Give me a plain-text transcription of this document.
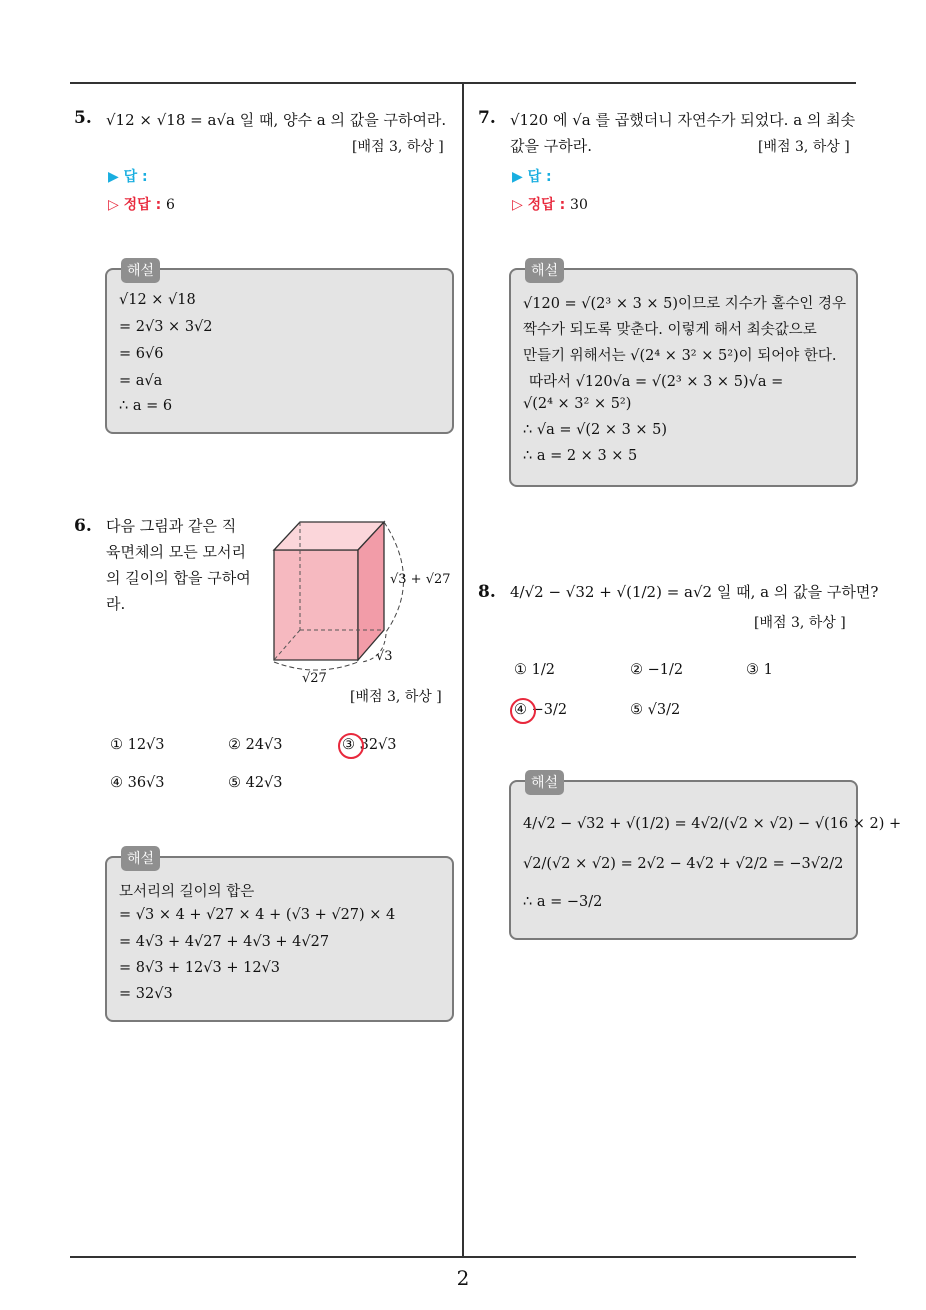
2
5. √12 × √18 = a√a 일 때, 양수 a 의 값을 구하여라.
[배점 3, 하상 ]
▶ 답 :
▷ 정답 : 6
해설
√12 × √18
= 2√3 × 3√2
= 6√6
= a√a
∴ a = 6
6. 다음 그림과 같은 직
육면체의 모든 모서리
의 길이의 합을 구하여
라.
√3 + √27
√3
√27
[배점 3, 하상 ]
① 12√3	② 24√3	③ 32√3
④ 36√3	⑤ 42√3
해설
모서리의 길이의 합은
= √3 × 4 + √27 × 4 + (√3 + √27) × 4
= 4√3 + 4√27 + 4√3 + 4√27
= 8√3 + 12√3 + 12√3
= 32√3
7. √120 에 √a 를 곱했더니 자연수가 되었다. a 의 최솟
값을 구하라.	[배점 3, 하상 ]
▶ 답 :
▷ 정답 : 30
해설
√120 = √(2³ × 3 × 5)이므로 지수가 홀수인 경우
짝수가 되도록 맞춘다. 이렇게 해서 최솟값으로
만들기 위해서는 √(2⁴ × 3² × 5²)이 되어야 한다.
따라서 √120√a = √(2³ × 3 × 5)√a =
√(2⁴ × 3² × 5²)
∴ √a = √(2 × 3 × 5)
∴ a = 2 × 3 × 5
8. 4/√2 − √32 + √(1/2) = a√2 일 때, a 의 값을 구하면?
[배점 3, 하상 ]
① 1/2	② −1/2	③ 1
④ −3/2	⑤ √3/2
해설
4/√2 − √32 + √(1/2) = 4√2/(√2 × √2) − √(16 × 2) +
√2/(√2 × √2) = 2√2 − 4√2 + √2/2 = −3√2/2
∴ a = −3/2
